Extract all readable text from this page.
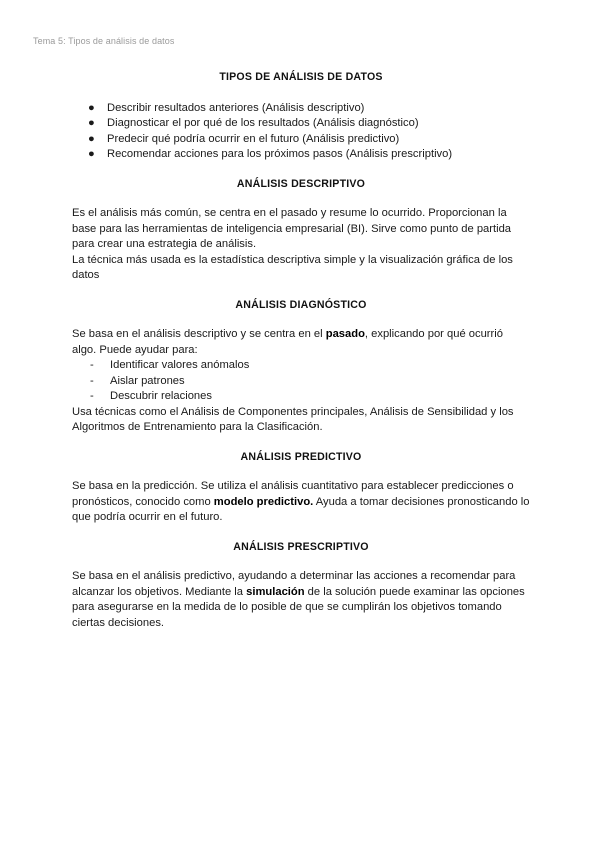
Tema 5: Tipos de análisis de datos
TIPOS DE ANÁLISIS DE DATOS
● Describir resultados anteriores (Análisis descriptivo)
● Diagnosticar el por qué de los resultados (Análisis diagnóstico)
● Predecir qué podría ocurrir en el futuro (Análisis predictivo)
● Recomendar acciones para los próximos pasos (Análisis prescriptivo)
ANÁLISIS DESCRIPTIVO

Es el análisis más común, se centra en el pasado y resume lo ocurrido. Proporcionan la base para las herramientas de inteligencia empresarial (BI). Sirve como punto de partida para crear una estrategia de análisis.

La técnica más usada es la estadística descriptiva simple y la visualización gráfica de los datos

ANÁLISIS DIAGNÓSTICO

Se basa en el análisis descriptivo y se centra en el pasado, explicando por qué ocurrió algo. Puede ayudar para:

- Identificar valores anómalos
- Aislar patrones
- Descubrir relaciones

Usa técnicas como el Análisis de Componentes principales, Análisis de Sensibilidad y los Algoritmos de Entrenamiento para la Clasificación.

ANÁLISIS PREDICTIVO

Se basa en la predicción. Se utiliza el análisis cuantitativo para establecer predicciones o pronósticos, conocido como modelo predictivo. Ayuda a tomar decisiones pronosticando lo que podría ocurrir en el futuro.

ANÁLISIS PRESCRIPTIVO

Se basa en el análisis predictivo, ayudando a determinar las acciones a recomendar para alcanzar los objetivos. Mediante la simulación de la solución puede examinar las opciones para asegurarse en la medida de lo posible de que se cumplirán los objetivos tomando ciertas decisiones.
